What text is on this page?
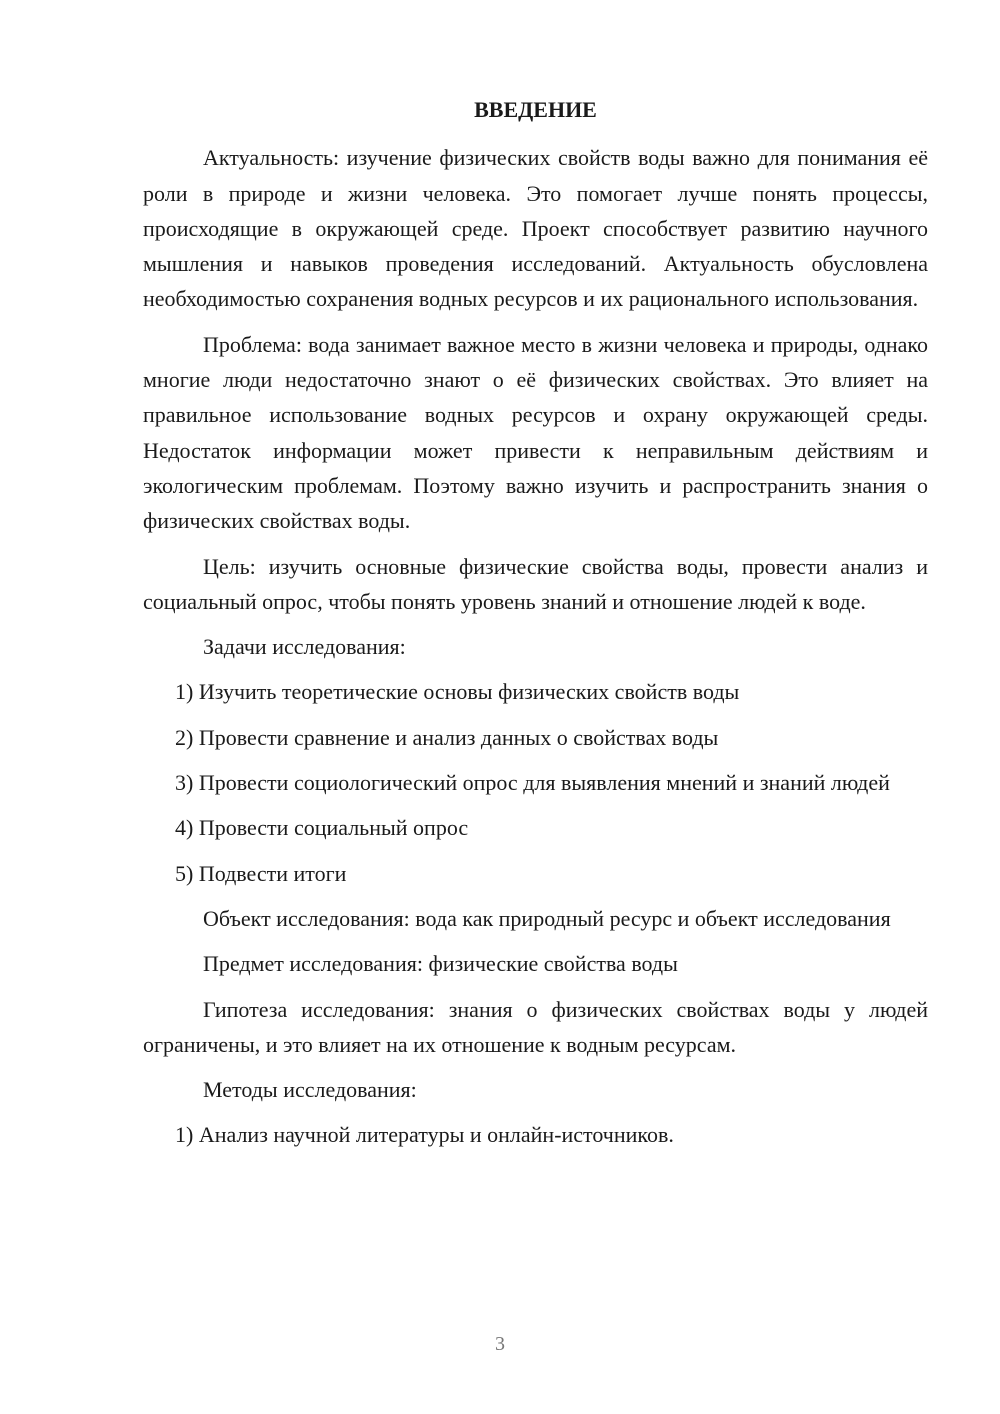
ВВЕДЕНИЕ

Актуальность: изучение физических свойств воды важно для понимания её роли в природе и жизни человека. Это помогает лучше понять процессы, происходящие в окружающей среде. Проект способствует развитию научного мышления и навыков проведения исследований. Актуальность обусловлена необходимостью сохранения водных ресурсов и их рационального использования.

Проблема: вода занимает важное место в жизни человека и природы, однако многие люди недостаточно знают о её физических свойствах. Это влияет на правильное использование водных ресурсов и охрану окружающей среды. Недостаток информации может привести к неправильным действиям и экологическим проблемам. Поэтому важно изучить и распространить знания о физических свойствах воды.

Цель: изучить основные физические свойства воды, провести анализ и социальный опрос, чтобы понять уровень знаний и отношение людей к воде.

Задачи исследования:

1) Изучить теоретические основы физических свойств воды

2) Провести сравнение и анализ данных о свойствах воды

3) Провести социологический опрос для выявления мнений и знаний людей

4) Провести социальный опрос

5) Подвести итоги

Объект исследования: вода как природный ресурс и объект исследования

Предмет исследования: физические свойства воды

Гипотеза исследования: знания о физических свойствах воды у людей ограничены, и это влияет на их отношение к водным ресурсам.

Методы исследования:

1) Анализ научной литературы и онлайн-источников.

3
